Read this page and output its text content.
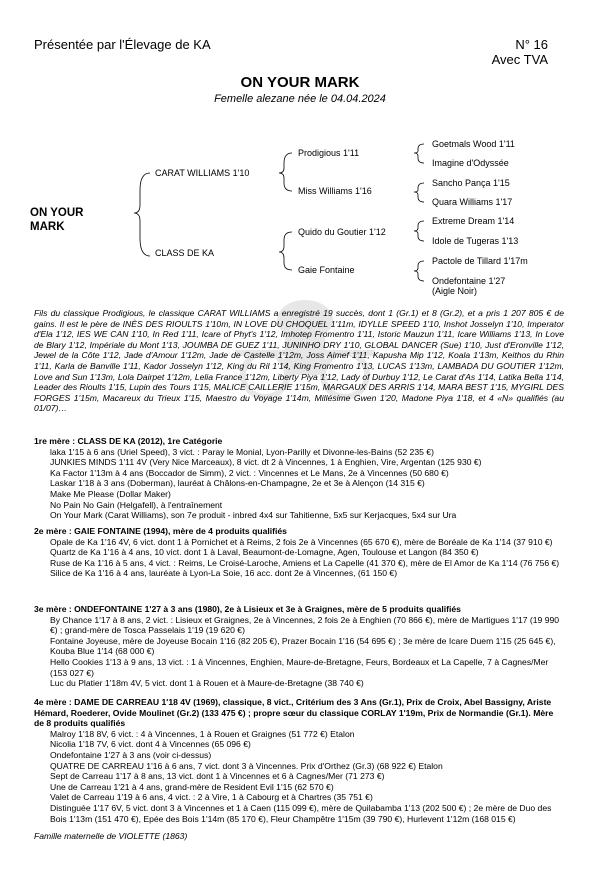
Présentée par l'Élevage de KA	N° 16
Avec TVA
ON YOUR MARK
Femelle alezane née le 04.04.2024
ON YOUR
MARK
CARAT WILLIAMS 1'10
CLASS DE KA
Prodigious 1'11
Miss Williams 1'16
Quido du Goutier 1'12
Gaie Fontaine
Goetmals Wood 1'11
Imagine d'Odyssée
Sancho Pança 1'15
Quara Williams 1'17
Extreme Dream 1'14
Idole de Tugeras 1'13
Pactole de Tillard 1'17m
Ondefontaine 1'27
(Aigle Noir)
Fils du classique Prodigious, le classique CARAT WILLIAMS a enregistré 19 succès, dont 1 (Gr.1) et 8 (Gr.2), et a pris 1 207 805 € de gains. Il est le père de INÈS DES RIOULTS 1'10m, IN LOVE DU CHOQUEL 1'11m, IDYLLE SPEED 1'10, Inshot Josselyn 1'10, Imperator d'Ela 1'12, IES WE CAN 1'10, In Red 1'11, Icare of Phyt's 1'12, Imhotep Fromentro 1'11, Istoric Mauzun 1'11, Icare Williams 1'13, In Love de Blary 1'12, Impériale du Mont 1'13, JOUMBA DE GUEZ 1'11, JUNINHO DRY 1'10, GLOBAL DANCER (Sue) 1'10, Just d'Eronville 1'12, Jewel de la Côte 1'12, Jade d'Amour 1'12m, Jade de Castelle 1'12m, Joss Aimef 1'11, Kapusha Mip 1'12, Koala 1'13m, Keithos du Rhin 1'11, Karla de Banville 1'11, Kador Josselyn 1'12, King du Ril 1'14, King Fromentro 1'13, LUCAS 1'13m, LAMBADA DU GOUTIER 1'12m, Love and Sun 1'13m, Lola Dairpet 1'12m, Lelia France 1'12m, Liberty Piya 1'12, Lady of Durbuy 1'12, Le Carat d'As 1'14, Latika Bella 1'14, Leader des Rioults 1'15, Lupin des Tours 1'15, MALICE CAILLERIE 1'15m, MARGAUX DES ARRIS 1'14, MARA BEST 1'15, MYGIRL DES FORGES 1'15m, Macareux du Trieux 1'15, Maestro du Voyage 1'14m, Millésime Gwen 1'20, Madone Piya 1'18, et 4 «N» qualifiés (au 01/07)…
1re mère : CLASS DE KA (2012), 1re Catégorie
laka 1'15 à 6 ans (Uriel Speed), 3 vict. : Paray le Monial, Lyon-Parilly et Divonne-les-Bains (52 235 €)
JUNKIES MINDS 1'11 4V (Very Nice Marceaux), 8 vict. dt 2 à Vincennes, 1 à Enghien, Vire, Argentan (125 930 €)
Ka Factor 1'13m à 4 ans (Boccador de Simm), 2 vict. : Vincennes et Le Mans, 2e à Vincennes (50 680 €)
Laskar 1'18 à 3 ans (Doberman), lauréat à Châlons-en-Champagne, 2e et 3e à Alençon (14 315 €)
Make Me Please (Dollar Maker)
No Pain No Gain (Helgafell), à l'entraînement
On Your Mark (Carat Williams), son 7e produit - inbred 4x4 sur Tahitienne, 5x5 sur Kerjacques, 5x4 sur Ura
2e mère : GAIE FONTAINE (1994), mère de 4 produits qualifiés
Opale de Ka 1'16 4V, 6 vict. dont 1 à Pornichet et à Reims, 2 fois 2e à Vincennes (65 670 €), mère de Boréale de Ka 1'14 (37 910 €)
Quartz de Ka 1'16 à 4 ans, 10 vict. dont 1 à Laval, Beaumont-de-Lomagne, Agen, Toulouse et Langon (84 350 €)
Ruse de Ka 1'16 à 5 ans, 4 vict. : Reims, Le Croisé-Laroche, Amiens et La Capelle (41 370 €), mère de El Amor de Ka 1'14 (76 756 €)
Silice de Ka 1'16 à 4 ans, lauréate à Lyon-La Soie, 16 acc. dont 2e à Vincennes, (61 150 €)
3e mère : ONDEFONTAINE 1'27 à 3 ans (1980), 2e à Lisieux et 3e à Graignes, mère de 5 produits qualifiés
By Chance 1'17 à 8 ans, 2 vict. : Lisieux et Graignes, 2e à Vincennes, 2 fois 2e à Enghien (70 866 €), mère de Martigues 1'17 (19 990 €) ; grand-mère de Tosca Passelais 1'19 (19 620 €)
Fontaine Joyeuse, mère de Joyeuse Bocain 1'16 (82 205 €), Prazer Bocain 1'16 (54 695 €) ; 3e mère de Icare Duem 1'15 (25 645 €), Kouba Blue 1'14 (68 000 €)
Hello Cookies 1'13 à 9 ans, 13 vict. : 1 à Vincennes, Enghien, Maure-de-Bretagne, Feurs, Bordeaux et La Capelle, 7 à Cagnes/Mer (153 027 €)
Luc du Platier 1'18m 4V, 5 vict. dont 1 à Rouen et à Maure-de-Bretagne (38 740 €)
4e mère : DAME DE CARREAU 1'18 4V (1969), classique, 8 vict., Critérium des 3 Ans (Gr.1), Prix de Croix, Abel Bassigny, Ariste Hémard, Roederer, Ovide Moulinet (Gr.2) (133 475 €) ; propre sœur du classique CORLAY 1'19m, Prix de Normandie (Gr.1). Mère de 8 produits qualifiés
Malroy 1'18 8V, 6 vict. : 4 à Vincennes, 1 à Rouen et Graignes (51 772 €) Etalon
Nicolia 1'18 7V, 6 vict. dont 4 à Vincennes (65 096 €)
Ondefontaine 1'27 à 3 ans (voir ci-dessus)
QUATRE DE CARREAU 1'16 à 6 ans, 7 vict. dont 3 à Vincennes. Prix d'Orthez (Gr.3) (68 922 €) Etalon
Sept de Carreau 1'17 à 8 ans, 13 vict. dont 1 à Vincennes et 6 à Cagnes/Mer (71 273 €)
Une de Carreau 1'21 à 4 ans, grand-mère de Resident Evil 1'15 (62 570 €)
Valet de Carreau 1'19 à 6 ans, 4 vict. : 2 à Vire, 1 à Cabourg et à Chartres (35 751 €)
Distinguée 1'17 6V, 5 vict. dont 3 à Vincennes et 1 à Caen (115 099 €), mère de Quilabamba 1'13 (202 500 €) ; 2e mère de Duo des Bois 1'13m (151 470 €), Epée des Bois 1'14m (85 170 €), Fleur Champêtre 1'15m (39 790 €), Hurlevent 1'12m (168 015 €)
Famille maternelle de VIOLETTE (1863)
